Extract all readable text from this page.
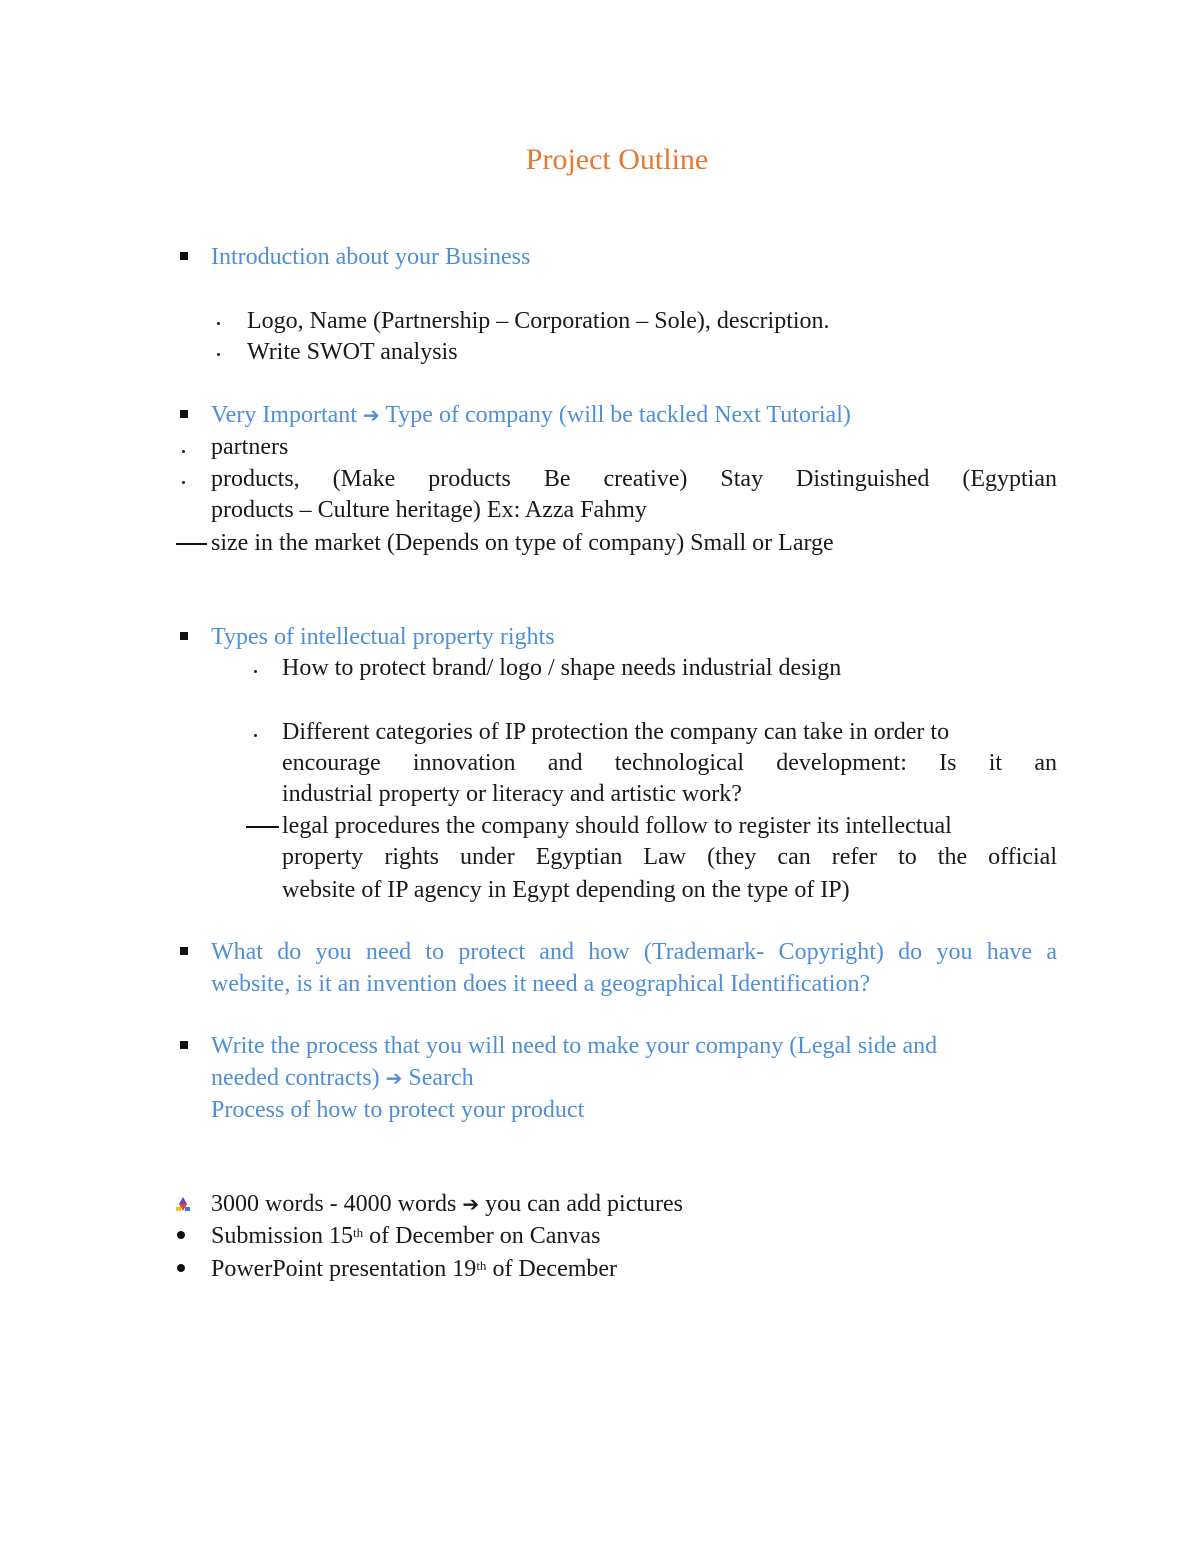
Project Outline
Introduction about your Business
Logo, Name (Partnership – Corporation – Sole), description.
Write SWOT analysis
Very Important ➔ Type of company (will be tackled Next Tutorial)
partners
products, (Make products Be creative) Stay Distinguished (Egyptian
products – Culture heritage) Ex: Azza Fahmy
size in the market (Depends on type of company) Small or Large
Types of intellectual property rights
How to protect brand/ logo / shape needs industrial design
Different categories of IP protection the company can take in order to
encourage innovation and technological development: Is it an
industrial property or literacy and artistic work?
legal procedures the company should follow to register its intellectual
property rights under Egyptian Law (they can refer to the official
website of IP agency in Egypt depending on the type of IP)
What do you need to protect and how (Trademark- Copyright) do you have a
website, is it an invention does it need a geographical Identification?
Write the process that you will need to make your company (Legal side and
needed contracts) ➔ Search
Process of how to protect your product
3000 words - 4000 words ➔ you can add pictures
Submission 15th of December on Canvas
PowerPoint presentation 19th of December
